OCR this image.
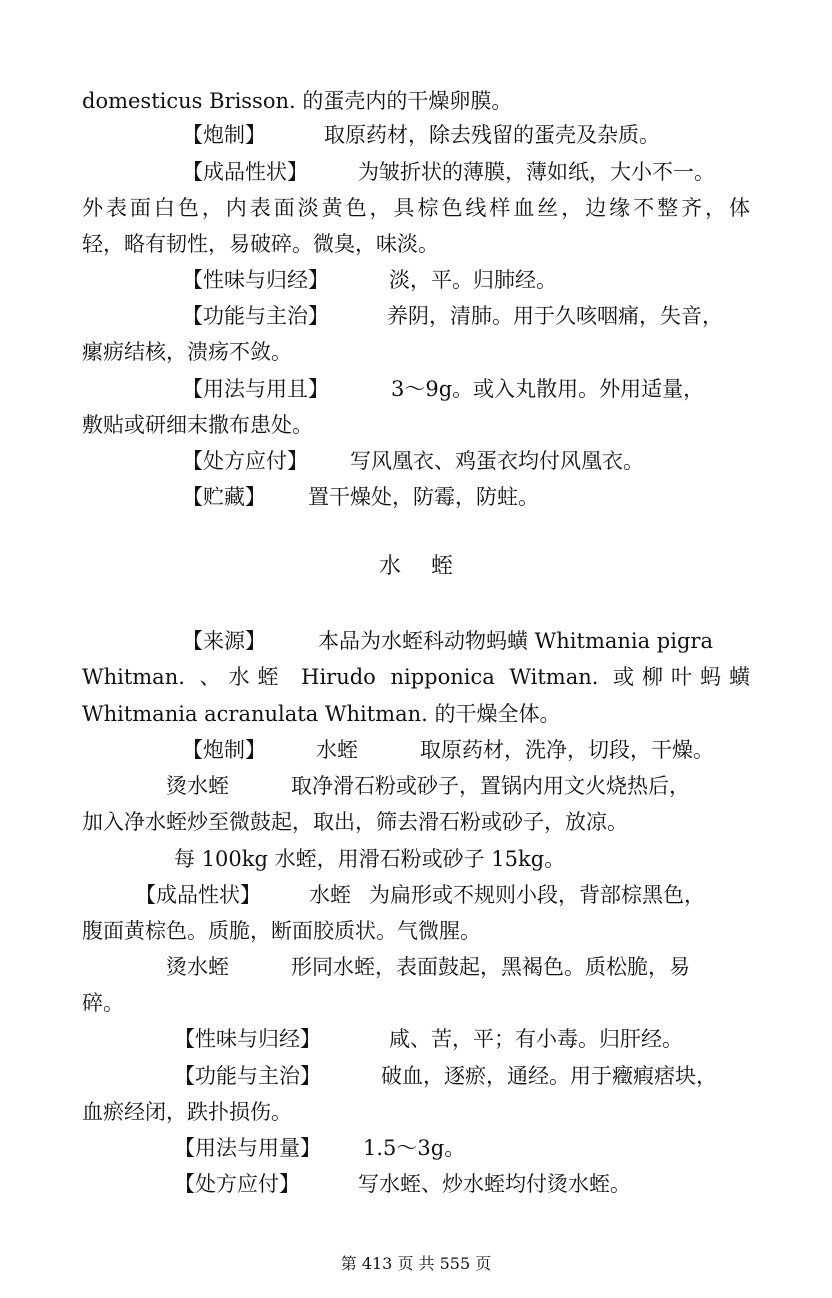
domesticus Brisson. 的蛋壳内的干燥卵膜。
【炮制】	取原药材，除去残留的蛋壳及杂质。
【成品性状】 为皱折状的薄膜，薄如纸，大小不一。
外表面白色，内表面淡黄色，具棕色线样血丝，边缘不整齐，体
轻，略有韧性，易破碎。微臭，味淡。
【性味与归经】	淡，平。归肺经。
【功能与主治】	养阴，清肺。用于久咳咽痛，失音，
瘰疬结核，溃疡不敛。
【用法与用且】	3～9g。或入丸散用。外用适量，
敷贴或研细末撒布患处。
【处方应付】 写风凰衣、鸡蛋衣均付风凰衣。
【贮藏】 置干燥处，防霉，防蛀。
水蛭
【来源】 本品为水蛭科动物蚂蟥 Whitmania pigra
Whitman. 、水蛭 Hirudo nipponica Witman. 或柳叶蚂蟥
Whitmania acranulata Whitman. 的干燥全体。
【炮制】 水蛭	取原药材，洗净，切段，干燥。
烫水蛭	取净滑石粉或砂子，置锅内用文火烧热后，
加入净水蛭炒至微鼓起，取出，筛去滑石粉或砂子，放凉。
每 100kg 水蛭，用滑石粉或砂子 15kg。
【成品性状】 水蛭 为扁形或不规则小段，背部棕黑色，
腹面黄棕色。质脆，断面胶质状。气微腥。
烫水蛭	形同水蛭，表面鼓起，黑褐色。质松脆，易
碎。
【性味与归经】	咸、苦，平；有小毒。归肝经。
【功能与主治】	破血，逐瘀，通经。用于癥瘕痞块，
血瘀经闭，跌扑损伤。
【用法与用量】 1.5～3g。
【处方应付】	写水蛭、炒水蛭均付烫水蛭。
第 413 页 共 555 页
